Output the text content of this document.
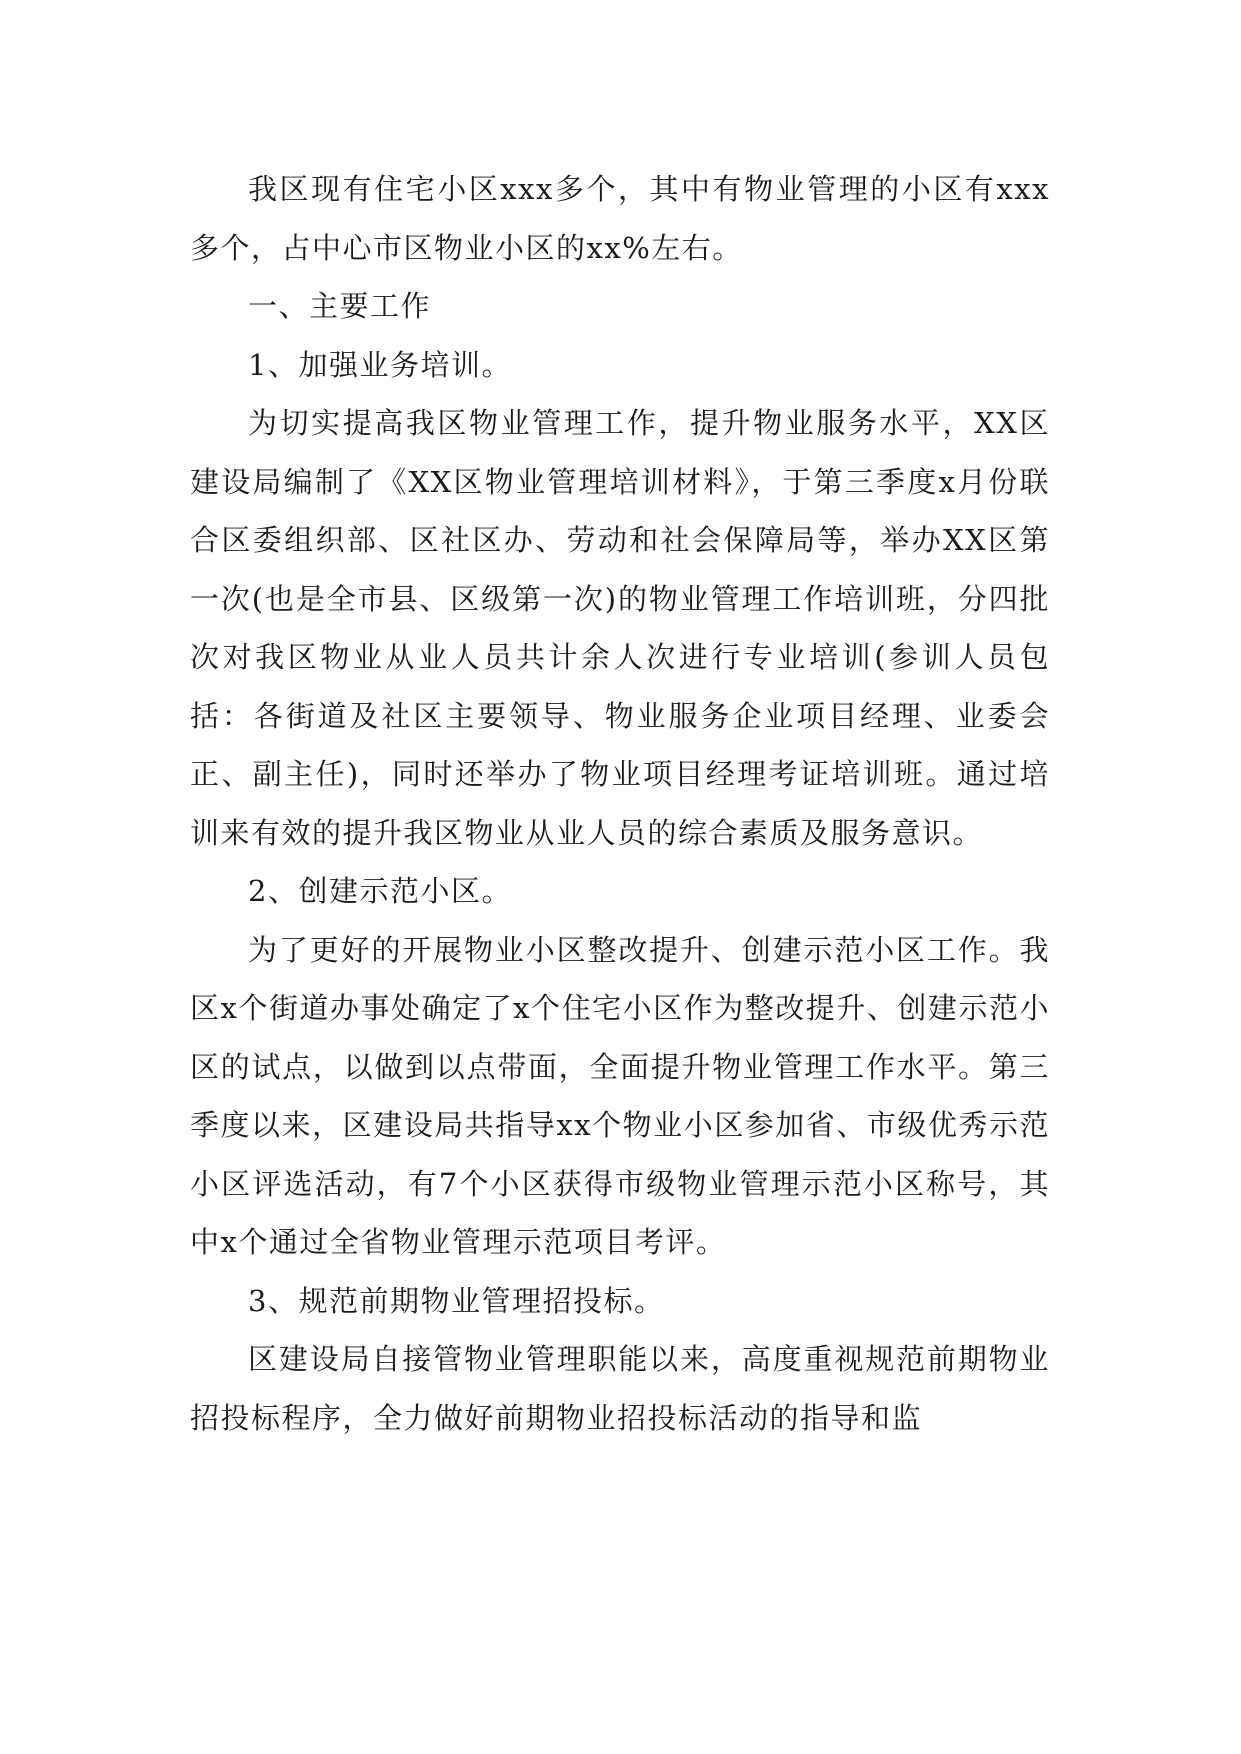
我区现有住宅小区xxx多个，其中有物业管理的小区有xxx多个，占中心市区物业小区的xx%左右。

一、主要工作

1、加强业务培训。

为切实提高我区物业管理工作，提升物业服务水平，XX区建设局编制了《XX区物业管理培训材料》，于第三季度x月份联合区委组织部、区社区办、劳动和社会保障局等，举办XX区第一次(也是全市县、区级第一次)的物业管理工作培训班，分四批次对我区物业从业人员共计余人次进行专业培训(参训人员包括：各街道及社区主要领导、物业服务企业项目经理、业委会正、副主任)，同时还举办了物业项目经理考证培训班。通过培训来有效的提升我区物业从业人员的综合素质及服务意识。

2、创建示范小区。

为了更好的开展物业小区整改提升、创建示范小区工作。我区x个街道办事处确定了x个住宅小区作为整改提升、创建示范小区的试点，以做到以点带面，全面提升物业管理工作水平。第三季度以来，区建设局共指导xx个物业小区参加省、市级优秀示范小区评选活动，有7个小区获得市级物业管理示范小区称号，其中x个通过全省物业管理示范项目考评。

3、规范前期物业管理招投标。

区建设局自接管物业管理职能以来，高度重视规范前期物业招投标程序，全力做好前期物业招投标活动的指导和监
